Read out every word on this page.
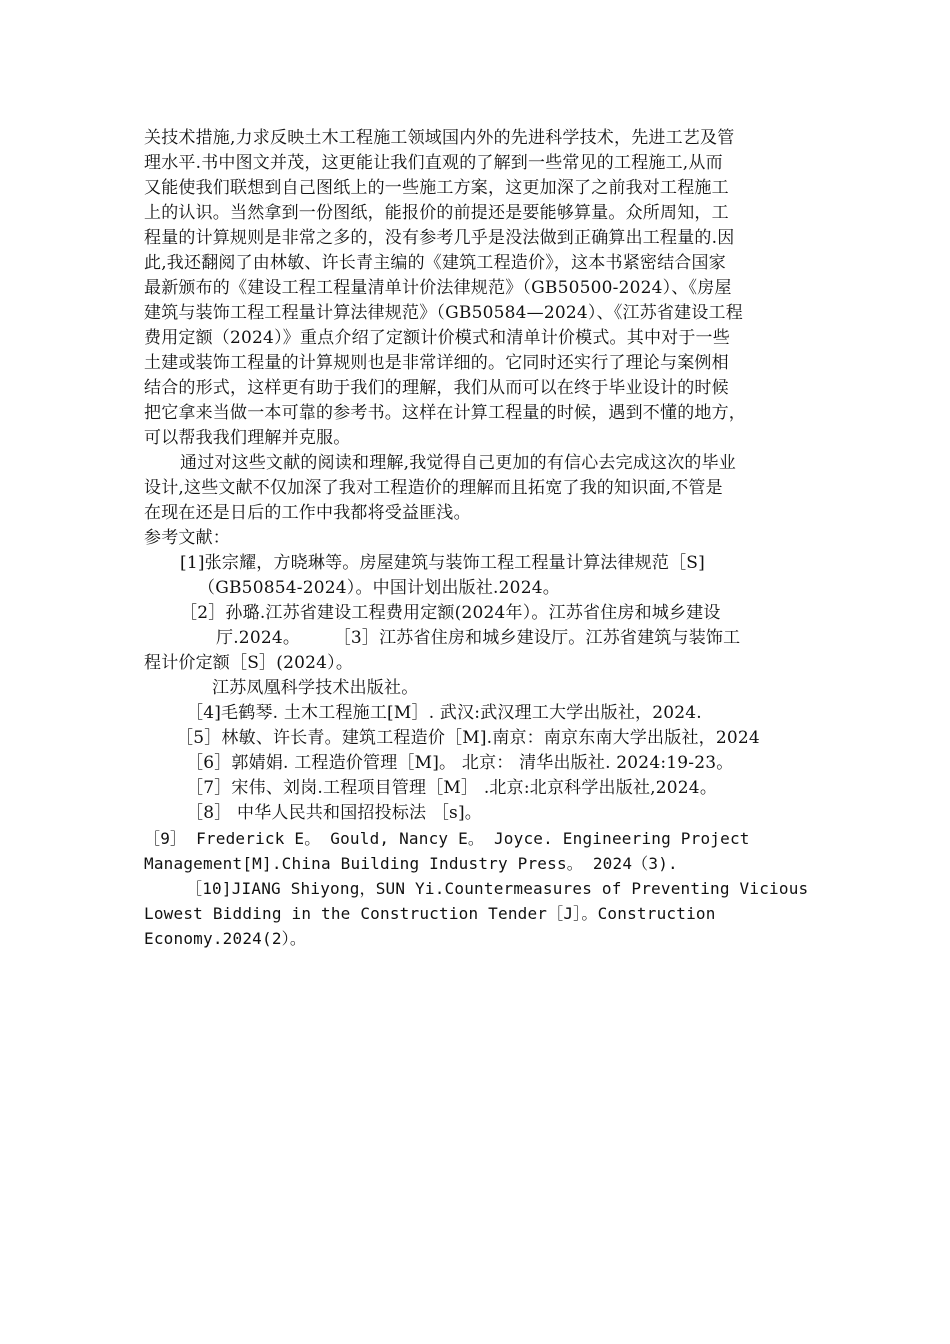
关技术措施,力求反映土木工程施工领域国内外的先进科学技术，先进工艺及管
理水平.书中图文并茂，这更能让我们直观的了解到一些常见的工程施工,从而
又能使我们联想到自己图纸上的一些施工方案，这更加深了之前我对工程施工
上的认识。当然拿到一份图纸，能报价的前提还是要能够算量。众所周知，工
程量的计算规则是非常之多的，没有参考几乎是没法做到正确算出工程量的.因
此,我还翻阅了由林敏、许长青主编的《建筑工程造价》，这本书紧密结合国家
最新颁布的《建设工程工程量清单计价法律规范》（GB50500-2024）、《房屋
建筑与装饰工程工程量计算法律规范》（GB50584—2024）、《江苏省建设工程
费用定额（2024）》重点介绍了定额计价模式和清单计价模式。其中对于一些
土建或装饰工程量的计算规则也是非常详细的。它同时还实行了理论与案例相
结合的形式，这样更有助于我们的理解，我们从而可以在终于毕业设计的时候
把它拿来当做一本可靠的参考书。这样在计算工程量的时候，遇到不懂的地方，
可以帮我我们理解并克服。
通过对这些文献的阅读和理解,我觉得自己更加的有信心去完成这次的毕业
设计,这些文献不仅加深了我对工程造价的理解而且拓宽了我的知识面,不管是
在现在还是日后的工作中我都将受益匪浅。
参考文献：
[1]张宗耀，方晓琳等。房屋建筑与装饰工程工程量计算法律规范［S]
（GB50854-2024）。中国计划出版社.2024。
［2］孙璐.江苏省建设工程费用定额(2024年）。江苏省住房和城乡建设
厅.2024。      ［3］江苏省住房和城乡建设厅。江苏省建筑与装饰工
程计价定额［S］(2024）。
江苏凤凰科学技术出版社。
［4]毛鹤琴. 土木工程施工[M］. 武汉:武汉理工大学出版社，2024.
［5］林敏、许长青。建筑工程造价［M].南京：南京东南大学出版社，2024
［6］郭婧娟. 工程造价管理［M]。 北京： 清华出版社. 2024:19-23。
［7］宋伟、刘岗.工程项目管理［M］ .北京:北京科学出版社,2024。
［8］ 中华人民共和国招投标法 ［s]。
［9］ Frederick E。 Gould, Nancy E。 Joyce. Engineering Project
Management[M].China Building Industry Press。 2024（3).
［10]JIANG Shiyong，SUN Yi.Countermeasures of Preventing Vicious
Lowest Bidding in the Construction Tender［J］。Construction
Economy.2024(2）。
